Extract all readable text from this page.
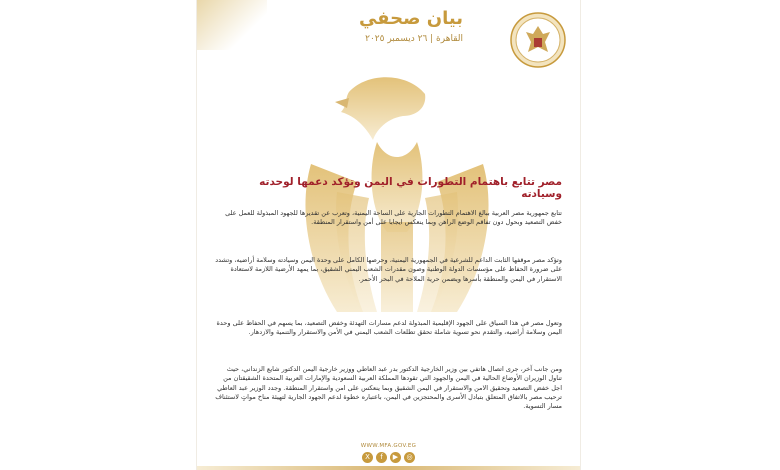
بيان صحفي
القاهرة | ٢٦ ديسمبر ٢٠٢٥
مصر تتابع باهتمام التطورات في اليمن وتؤكد دعمها لوحدته وسيادته
تتابع جمهورية مصر العربية ببالغ الاهتمام التطورات الجارية على الساحة اليمنية، وتعرب عن تقديرها للجهود المبذولة للعمل على خفض التصعيد وبحول دون تفاقم الوضع الراهن وبما ينعكس ايجابا على أمن واستقرار المنطقة.
وتؤكد مصر موقفها الثابت الداعم للشرعية في الجمهورية اليمنية، وحرصها الكامل على وحدة اليمن وسيادته وسلامة أراضيه، وتشدد على ضرورة الحفاظ على مؤسسات الدولة الوطنية وصون مقدرات الشعب اليمني الشقيق، بما يمهد الأرضية اللازمة لاستعادة الاستقرار في اليمن والمنطقة بأسرها ويضمن حرية الملاحة في البحر الأحمر.
وتعول مصر في هذا السياق على الجهود الإقليمية المبذولة لدعم مسارات التهدئة وخفض التصعيد، بما يسهم في الحفاظ على وحدة اليمن وسلامة أراضيه، والتقدم نحو تسوية شاملة تحقق تطلعات الشعب اليمني في الأمن والاستقرار والتنمية والازدهار.
ومن جانب آخر، جرى اتصال هاتفي بين وزير الخارجية الدكتور بدر عبد العاطي ووزير خارجية اليمن الدكتور شايع الزنداني، حيث تناول الوزيران الأوضاع الحالية في اليمن والجهود التي تقودها المملكة العربية السعودية والإمارات العربية المتحدة الشقيقتان من اجل خفض التصعيد وتحقيق الامن والاستقرار في اليمن الشقيق وبما ينعكس على امن واستقرار المنطقة. وجدد الوزير عبد العاطي ترحيب مصر بالاتفاق المتعلق بتبادل الأسرى والمحتجزين في اليمن، باعتباره خطوة لدعم الجهود الجارية لتهيئة مناخ مواتٍ لاستئناف مسار التسوية.
WWW.MFA.GOV.EG
X	f	▶	◎
